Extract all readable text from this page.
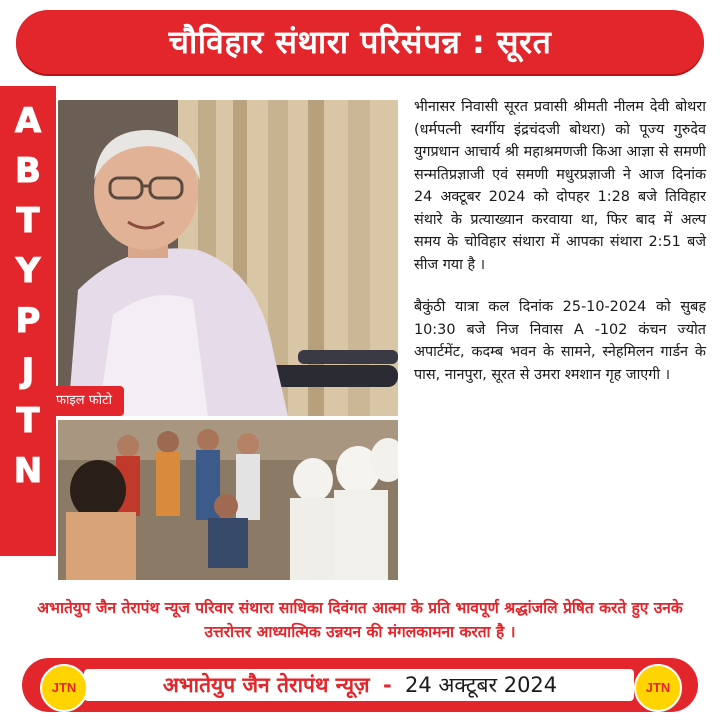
चौविहार संथारा परिसंपन्न : सूरत
A
B
T
Y
P
J
T
N
फाइल फोटो

भीनासर निवासी सूरत प्रवासी श्रीमती नीलम देवी बोथरा (धर्मपत्नी स्वर्गीय इंद्रचंदजी बोथरा) को पूज्य गुरुदेव युगप्रधान आचार्य श्री महाश्रमणजी किआ आज्ञा से समणी सन्मतिप्रज्ञाजी एवं समणी मधुरप्रज्ञाजी ने आज दिनांक 24 अक्टूबर 2024 को दोपहर 1:28 बजे तिविहार संथारे के प्रत्याख्यान करवाया था, फिर बाद में अल्प समय के चोविहार संथारा में आपका संथारा 2:51 बजे सीज गया है ।

बैकुंठी यात्रा कल दिनांक 25-10-2024 को सुबह 10:30 बजे निज निवास A -102 कंचन ज्योत अपार्टमेंट, कदम्ब भवन के सामने, स्नेहमिलन गार्डन के पास, नानपुरा, सूरत से उमरा श्मशान गृह जाएगी ।

अभातेयुप जैन तेरापंथ न्यूज परिवार संथारा साधिका दिवंगत आत्मा के प्रति भावपूर्ण श्रद्धांजलि प्रेषित करते हुए उनके उत्तरोत्तर आध्यात्मिक उन्नयन की मंगलकामना करता है ।
JTN	JTN
अभातेयुप जैन तेरापंथ न्यूज़ - 24 अक्टूबर 2024
